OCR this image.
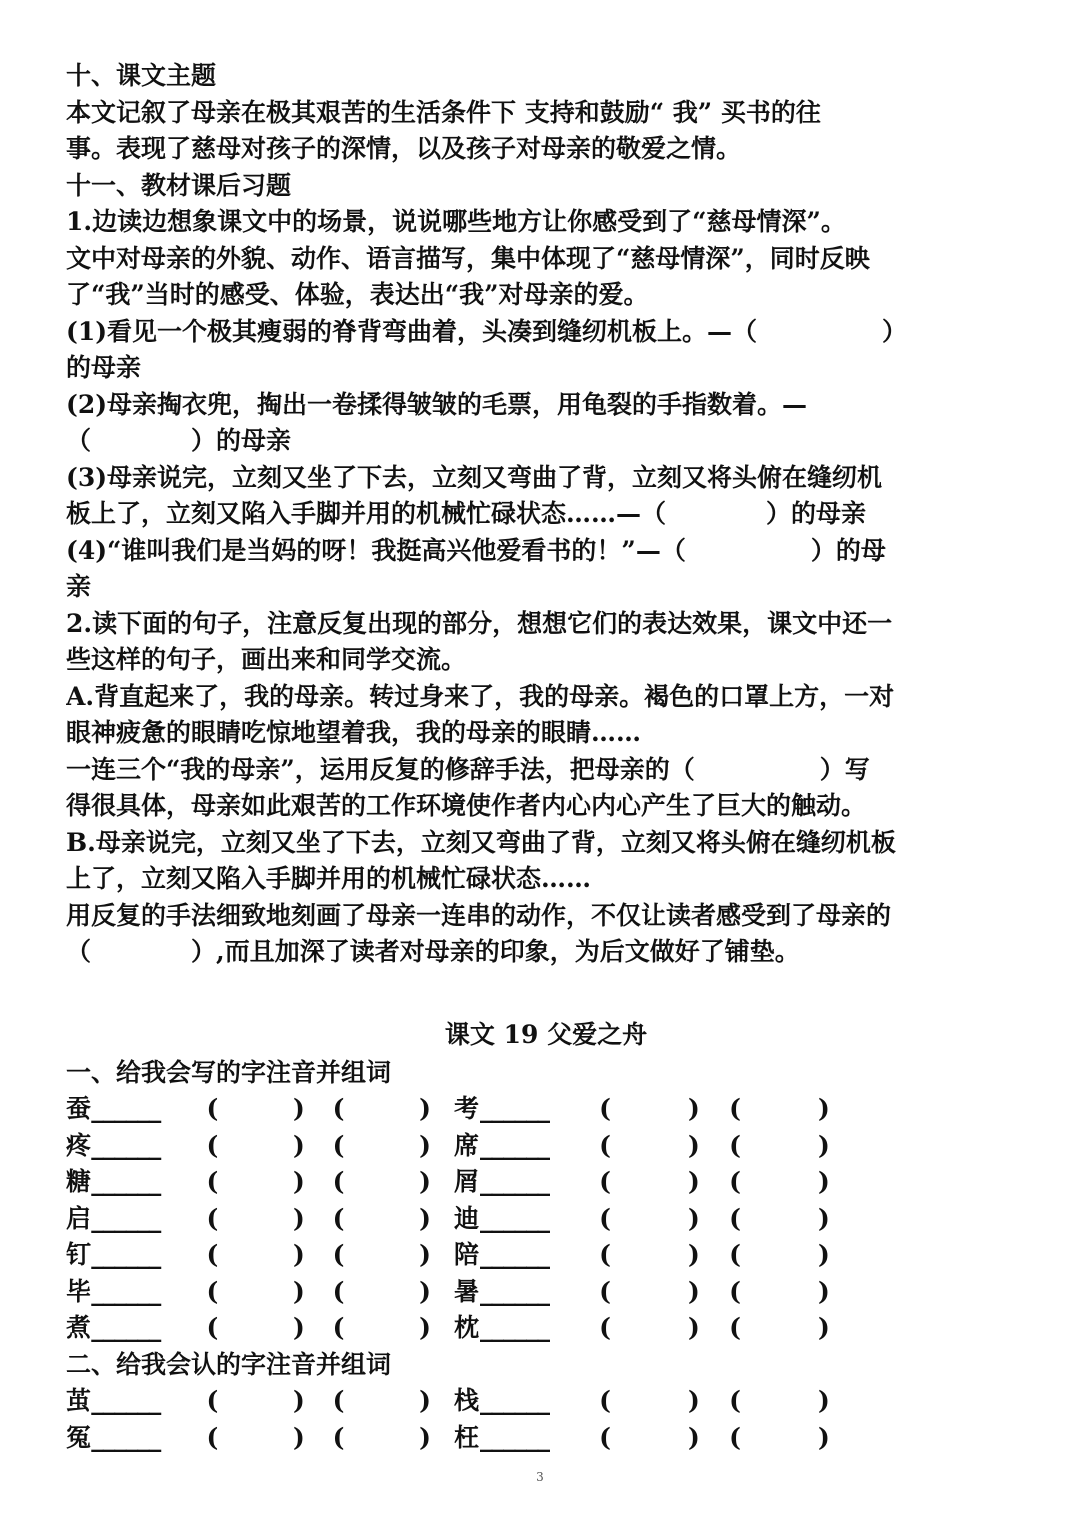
十、课文主题
本文记叙了母亲在极其艰苦的生活条件下 支持和鼓励“ 我” 买书的往
事。表现了慈母对孩子的深情，以及孩子对母亲的敬爱之情。
十一、教材课后习题
1.边读边想象课文中的场景，说说哪些地方让你感受到了“慈母情深”。
文中对母亲的外貌、动作、语言描写，集中体现了“慈母情深”，同时反映
了“我”当时的感受、体验，表达出“我”对母亲的爱。
(1)看见一个极其瘦弱的脊背弯曲着，头凑到缝纫机板上。—（　　　　　）
的母亲
(2)母亲掏衣兜，掏出一卷揉得皱皱的毛票，用龟裂的手指数着。—
（　　　　）的母亲
(3)母亲说完，立刻又坐了下去，立刻又弯曲了背，立刻又将头俯在缝纫机
板上了，立刻又陷入手脚并用的机械忙碌状态……—（　　　　）的母亲
(4)“谁叫我们是当妈的呀！我挺高兴他爱看书的！”—（　　　　　）的母
亲
2.读下面的句子，注意反复出现的部分，想想它们的表达效果，课文中还一
些这样的句子，画出来和同学交流。
A.背直起来了，我的母亲。转过身来了，我的母亲。褐色的口罩上方，一对
眼神疲惫的眼睛吃惊地望着我，我的母亲的眼睛……
一连三个“我的母亲”，运用反复的修辞手法，把母亲的（　　　　　）写
得很具体，母亲如此艰苦的工作环境使作者内心内心产生了巨大的触动。
B.母亲说完，立刻又坐了下去，立刻又弯曲了背，立刻又将头俯在缝纫机板
上了，立刻又陷入手脚并用的机械忙碌状态……
用反复的手法细致地刻画了母亲一连串的动作，不仅让读者感受到了母亲的
（　　　　）,而且加深了读者对母亲的印象，为后文做好了铺垫。
课文 19 父爱之舟
一、给我会写的字注音并组词
蚕 ______	(	)	(	) 考 ______	(	)	(	)
疼 ______	(	)	(	) 席 ______	(	)	(	)
糖 ______	(	)	(	) 屑 ______	(	)	(	)
启 ______	(	)	(	) 迪 ______	(	)	(	)
钉 ______	(	)	(	) 陪 ______	(	)	(	)
毕 ______	(	)	(	) 暑 ______	(	)	(	)
煮 ______	(	)	(	) 枕 ______	(	)	(	)
二、给我会认的字注音并组词
茧 ______	(	)	(	) 栈 ______	(	)	(	)
冤 ______	(	)	(	) 枉 ______	(	)	(	)
3
